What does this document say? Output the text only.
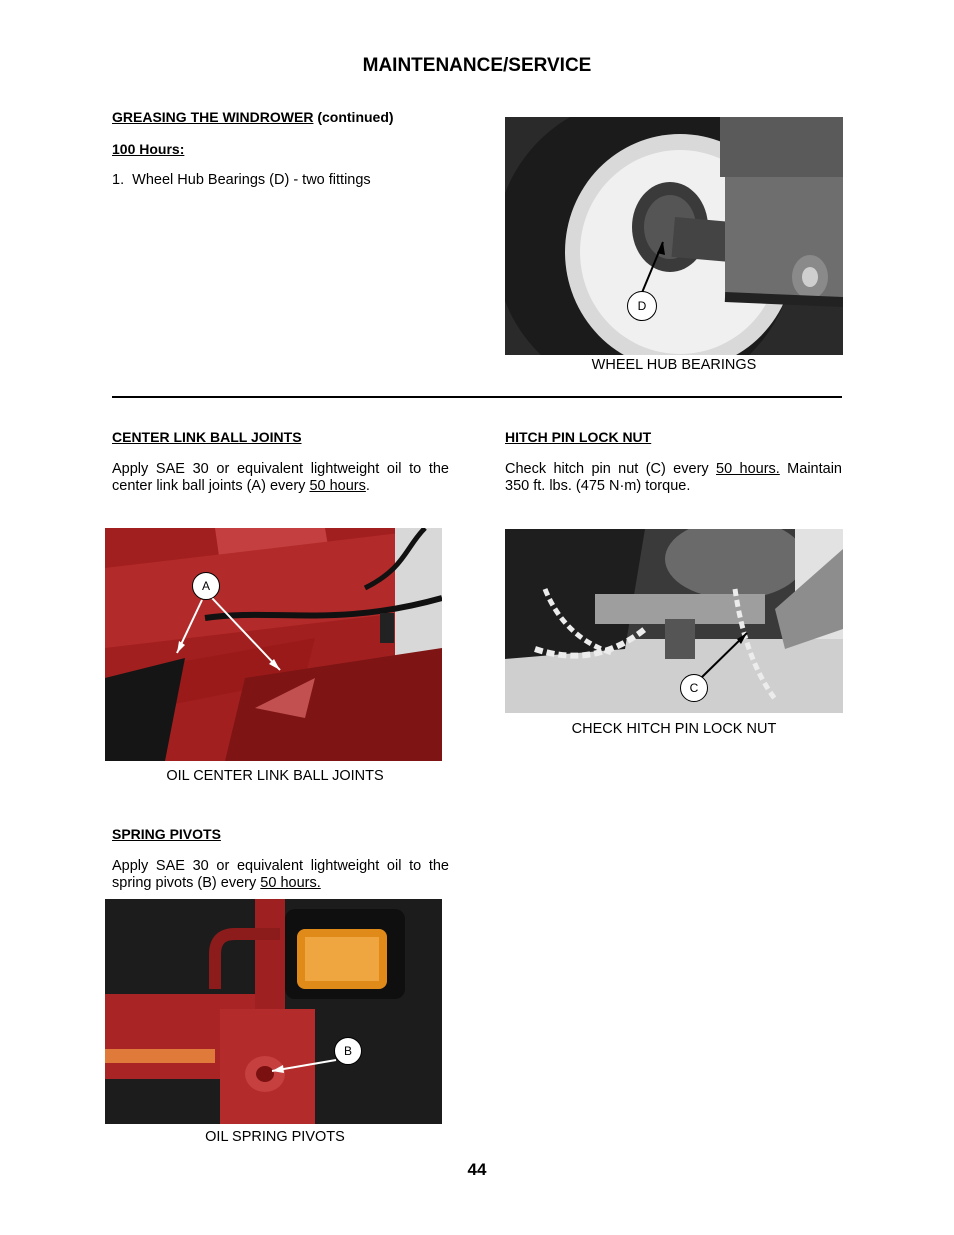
MAINTENANCE/SERVICE
GREASING THE WINDROWER (continued)
100 Hours:
1. Wheel Hub Bearings (D) - two fittings
D
WHEEL HUB BEARINGS
CENTER LINK BALL JOINTS
Apply SAE 30 or equivalent lightweight oil to the center link ball joints (A) every 50 hours.
A
OIL CENTER LINK BALL JOINTS
HITCH PIN LOCK NUT
Check hitch pin nut (C) every 50 hours. Maintain 350 ft. lbs. (475 N·m) torque.
C
CHECK HITCH PIN LOCK NUT
SPRING PIVOTS
Apply SAE 30 or equivalent lightweight oil to the spring pivots (B) every 50 hours.
B
OIL SPRING PIVOTS
44
